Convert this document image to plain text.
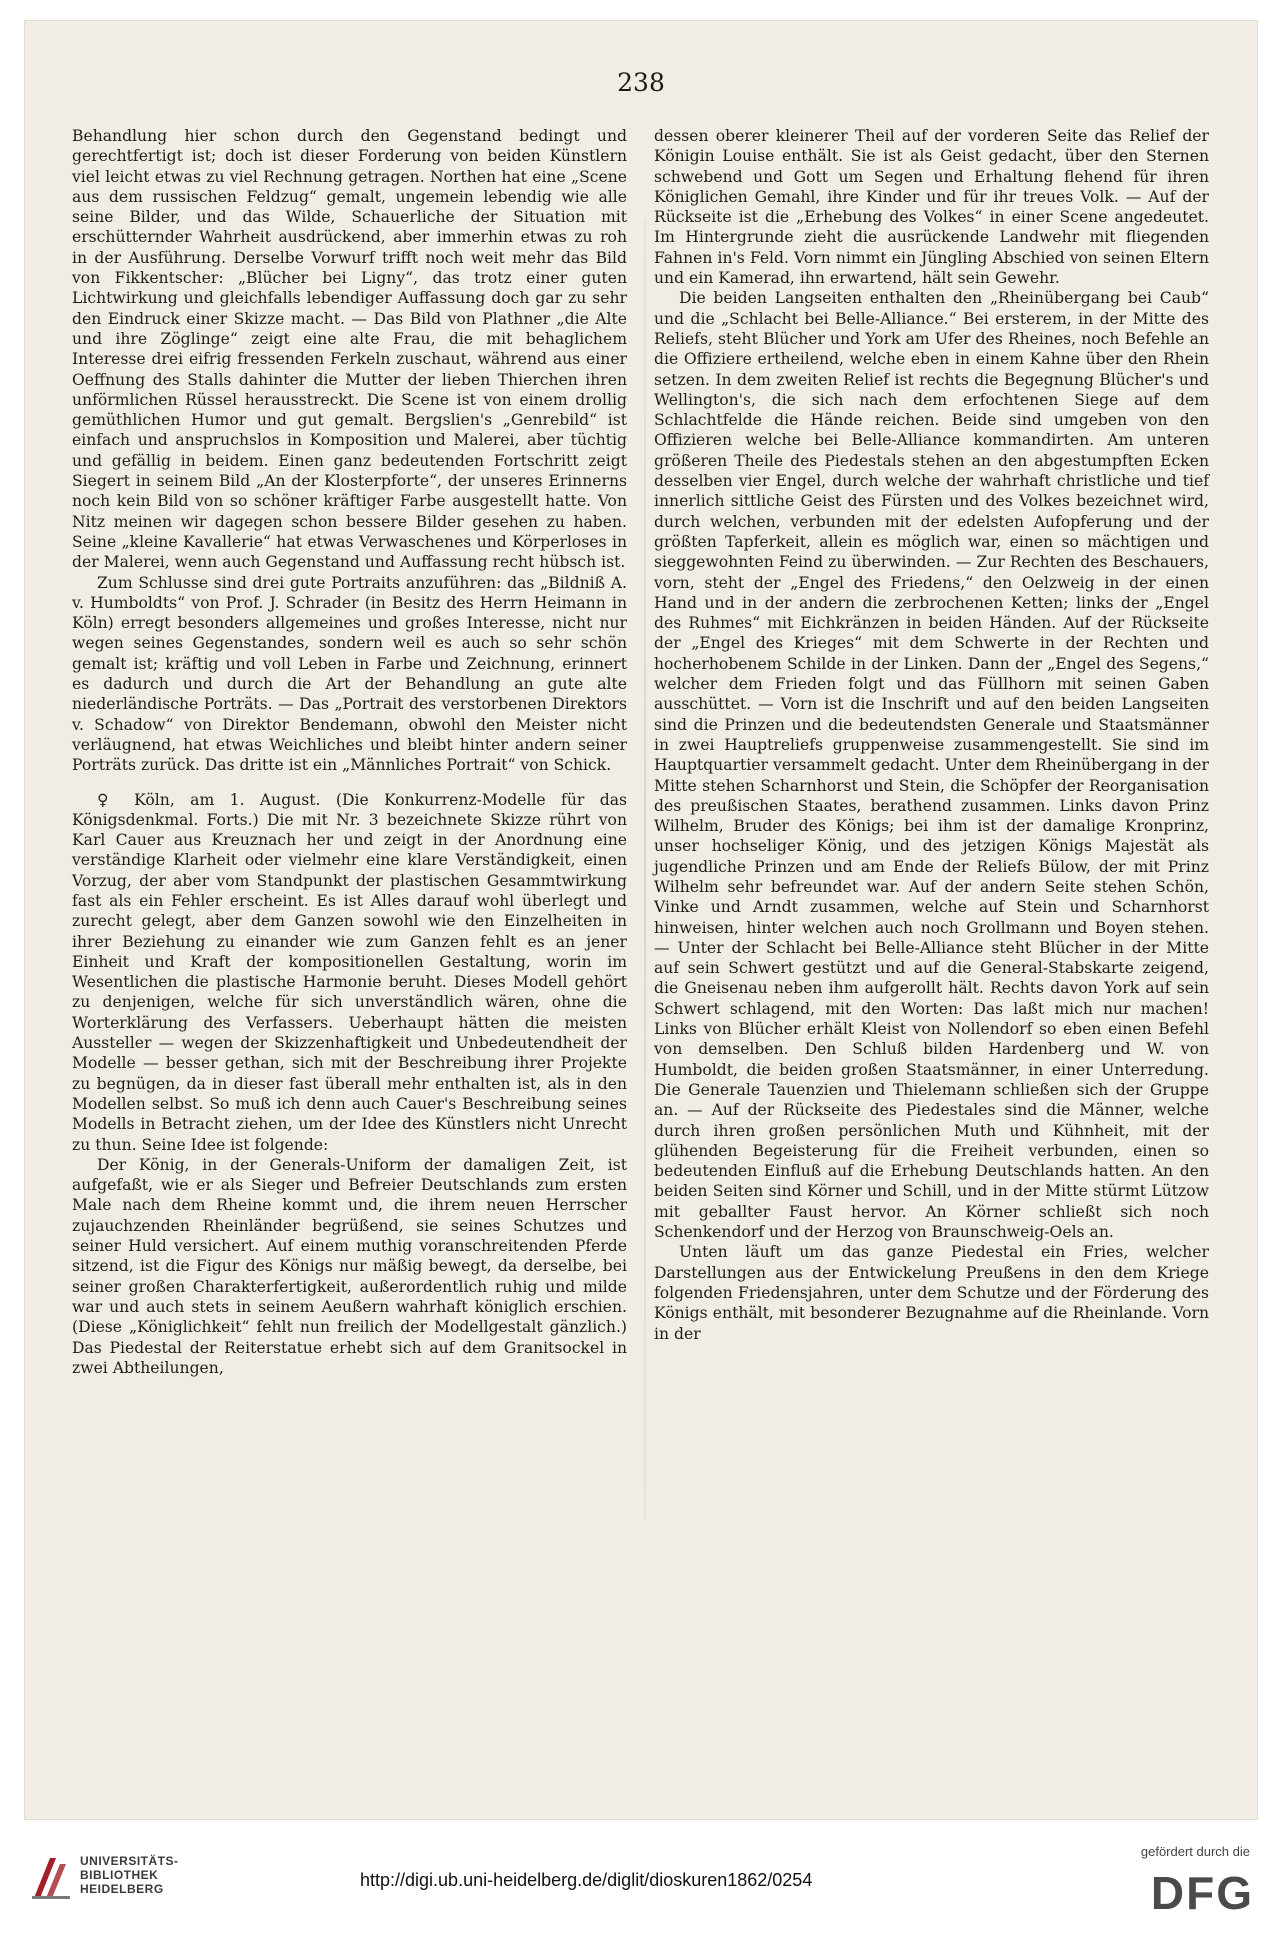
238

Behandlung hier schon durch den Gegenstand bedingt und gerechtfertigt ist; doch ist dieser Forderung von beiden Künstlern viel leicht etwas zu viel Rechnung getragen. Northen hat eine „Scene aus dem russischen Feldzug“ gemalt, ungemein lebendig wie alle seine Bilder, und das Wilde, Schauerliche der Situation mit erschütternder Wahrheit ausdrückend, aber immerhin etwas zu roh in der Ausführung. Derselbe Vorwurf trifft noch weit mehr das Bild von Fikkentscher: „Blücher bei Ligny“, das trotz einer guten Lichtwirkung und gleichfalls lebendiger Auffassung doch gar zu sehr den Eindruck einer Skizze macht. — Das Bild von Plathner „die Alte und ihre Zöglinge“ zeigt eine alte Frau, die mit behaglichem Interesse drei eifrig fressenden Ferkeln zuschaut, während aus einer Oeffnung des Stalls dahinter die Mutter der lieben Thierchen ihren unförmlichen Rüssel herausstreckt. Die Scene ist von einem drollig gemüthlichen Humor und gut gemalt. Bergslien's „Genrebild“ ist einfach und anspruchslos in Komposition und Malerei, aber tüchtig und gefällig in beidem. Einen ganz bedeutenden Fortschritt zeigt Siegert in seinem Bild „An der Klosterpforte“, der unseres Erinnerns noch kein Bild von so schöner kräftiger Farbe ausgestellt hatte. Von Nitz meinen wir dagegen schon bessere Bilder gesehen zu haben. Seine „kleine Kavallerie“ hat etwas Verwaschenes und Körperloses in der Malerei, wenn auch Gegenstand und Auffassung recht hübsch ist.

Zum Schlusse sind drei gute Portraits anzuführen: das „Bildniß A. v. Humboldts“ von Prof. J. Schrader (in Besitz des Herrn Heimann in Köln) erregt besonders allgemeines und großes Interesse, nicht nur wegen seines Gegenstandes, sondern weil es auch so sehr schön gemalt ist; kräftig und voll Leben in Farbe und Zeichnung, erinnert es dadurch und durch die Art der Behandlung an gute alte niederländische Porträts. — Das „Portrait des verstorbenen Direktors v. Schadow“ von Direktor Bendemann, obwohl den Meister nicht verläugnend, hat etwas Weichliches und bleibt hinter andern seiner Porträts zurück. Das dritte ist ein „Männliches Portrait“ von Schick.

♀ Köln, am 1. August. (Die Konkurrenz-Modelle für das Königsdenkmal. Forts.) Die mit Nr. 3 bezeichnete Skizze rührt von Karl Cauer aus Kreuznach her und zeigt in der Anordnung eine verständige Klarheit oder vielmehr eine klare Verständigkeit, einen Vorzug, der aber vom Standpunkt der plastischen Gesammtwirkung fast als ein Fehler erscheint. Es ist Alles darauf wohl überlegt und zurecht gelegt, aber dem Ganzen sowohl wie den Einzelheiten in ihrer Beziehung zu einander wie zum Ganzen fehlt es an jener Einheit und Kraft der kompositionellen Gestaltung, worin im Wesentlichen die plastische Harmonie beruht. Dieses Modell gehört zu denjenigen, welche für sich unverständlich wären, ohne die Worterklärung des Verfassers. Ueberhaupt hätten die meisten Aussteller — wegen der Skizzenhaftigkeit und Unbedeutendheit der Modelle — besser gethan, sich mit der Beschreibung ihrer Projekte zu begnügen, da in dieser fast überall mehr enthalten ist, als in den Modellen selbst. So muß ich denn auch Cauer's Beschreibung seines Modells in Betracht ziehen, um der Idee des Künstlers nicht Unrecht zu thun. Seine Idee ist folgende:

Der König, in der Generals-Uniform der damaligen Zeit, ist aufgefaßt, wie er als Sieger und Befreier Deutschlands zum ersten Male nach dem Rheine kommt und, die ihrem neuen Herrscher zujauchzenden Rheinländer begrüßend, sie seines Schutzes und seiner Huld versichert. Auf einem muthig voranschreitenden Pferde sitzend, ist die Figur des Königs nur mäßig bewegt, da derselbe, bei seiner großen Charakterfertigkeit, außerordentlich ruhig und milde war und auch stets in seinem Aeußern wahrhaft königlich erschien. (Diese „Königlichkeit“ fehlt nun freilich der Modellgestalt gänzlich.) Das Piedestal der Reiterstatue erhebt sich auf dem Granitsockel in zwei Abtheilungen,

dessen oberer kleinerer Theil auf der vorderen Seite das Relief der Königin Louise enthält. Sie ist als Geist gedacht, über den Sternen schwebend und Gott um Segen und Erhaltung flehend für ihren Königlichen Gemahl, ihre Kinder und für ihr treues Volk. — Auf der Rückseite ist die „Erhebung des Volkes“ in einer Scene angedeutet. Im Hintergrunde zieht die ausrückende Landwehr mit fliegenden Fahnen in's Feld. Vorn nimmt ein Jüngling Abschied von seinen Eltern und ein Kamerad, ihn erwartend, hält sein Gewehr.

Die beiden Langseiten enthalten den „Rheinübergang bei Caub“ und die „Schlacht bei Belle-Alliance.“ Bei ersterem, in der Mitte des Reliefs, steht Blücher und York am Ufer des Rheines, noch Befehle an die Offiziere ertheilend, welche eben in einem Kahne über den Rhein setzen. In dem zweiten Relief ist rechts die Begegnung Blücher's und Wellington's, die sich nach dem erfochtenen Siege auf dem Schlachtfelde die Hände reichen. Beide sind umgeben von den Offizieren welche bei Belle-Alliance kommandirten. Am unteren größeren Theile des Piedestals stehen an den abgestumpften Ecken desselben vier Engel, durch welche der wahrhaft christliche und tief innerlich sittliche Geist des Fürsten und des Volkes bezeichnet wird, durch welchen, verbunden mit der edelsten Aufopferung und der größten Tapferkeit, allein es möglich war, einen so mächtigen und sieggewohnten Feind zu überwinden. — Zur Rechten des Beschauers, vorn, steht der „Engel des Friedens,“ den Oelzweig in der einen Hand und in der andern die zerbrochenen Ketten; links der „Engel des Ruhmes“ mit Eichkränzen in beiden Händen. Auf der Rückseite der „Engel des Krieges“ mit dem Schwerte in der Rechten und hocherhobenem Schilde in der Linken. Dann der „Engel des Segens,“ welcher dem Frieden folgt und das Füllhorn mit seinen Gaben ausschüttet. — Vorn ist die Inschrift und auf den beiden Langseiten sind die Prinzen und die bedeutendsten Generale und Staatsmänner in zwei Hauptreliefs gruppenweise zusammengestellt. Sie sind im Hauptquartier versammelt gedacht. Unter dem Rheinübergang in der Mitte stehen Scharnhorst und Stein, die Schöpfer der Reorganisation des preußischen Staates, berathend zusammen. Links davon Prinz Wilhelm, Bruder des Königs; bei ihm ist der damalige Kronprinz, unser hochseliger König, und des jetzigen Königs Majestät als jugendliche Prinzen und am Ende der Reliefs Bülow, der mit Prinz Wilhelm sehr befreundet war. Auf der andern Seite stehen Schön, Vinke und Arndt zusammen, welche auf Stein und Scharnhorst hinweisen, hinter welchen auch noch Grollmann und Boyen stehen. — Unter der Schlacht bei Belle-Alliance steht Blücher in der Mitte auf sein Schwert gestützt und auf die General-Stabskarte zeigend, die Gneisenau neben ihm aufgerollt hält. Rechts davon York auf sein Schwert schlagend, mit den Worten: Das laßt mich nur machen! Links von Blücher erhält Kleist von Nollendorf so eben einen Befehl von demselben. Den Schluß bilden Hardenberg und W. von Humboldt, die beiden großen Staatsmänner, in einer Unterredung. Die Generale Tauenzien und Thielemann schließen sich der Gruppe an. — Auf der Rückseite des Piedestales sind die Männer, welche durch ihren großen persönlichen Muth und Kühnheit, mit der glühenden Begeisterung für die Freiheit verbunden, einen so bedeutenden Einfluß auf die Erhebung Deutschlands hatten. An den beiden Seiten sind Körner und Schill, und in der Mitte stürmt Lützow mit geballter Faust hervor. An Körner schließt sich noch Schenkendorf und der Herzog von Braunschweig-Oels an.

Unten läuft um das ganze Piedestal ein Fries, welcher Darstellungen aus der Entwickelung Preußens in den dem Kriege folgenden Friedensjahren, unter dem Schutze und der Förderung des Königs enthält, mit besonderer Bezugnahme auf die Rheinlande. Vorn in der

UNIVERSITÄTS-
BIBLIOTHEK
HEIDELBERG	http://digi.ub.uni-heidelberg.de/diglit/dioskuren1862/0254
gefördert durch die
DFG
